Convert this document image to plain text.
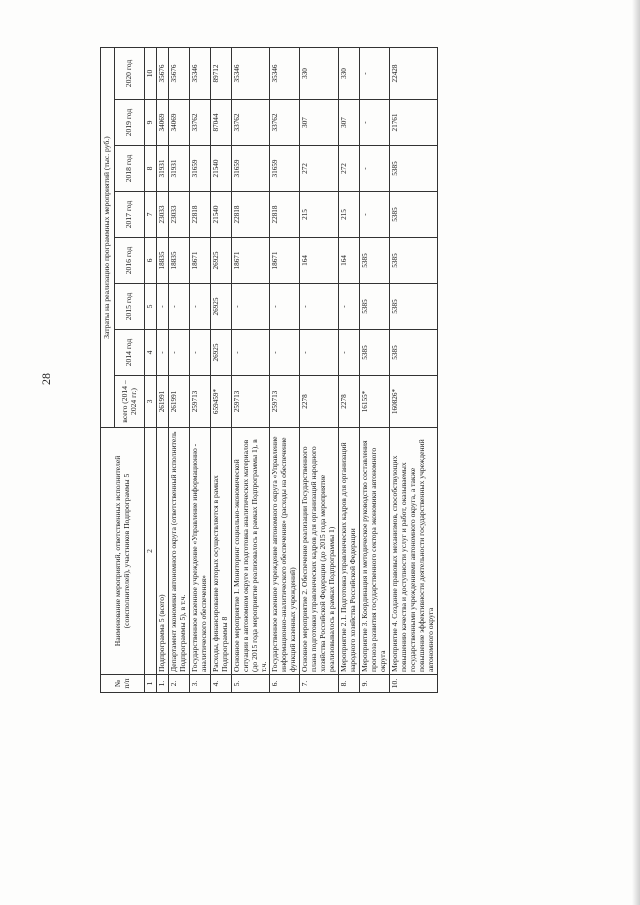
28
№ п/п	Наименование мероприятий, ответственных исполнителей (соисполнителей), участников Подпрограммы 5	Затраты на реализацию программных мероприятий (тыс. руб.)							
		всего (2014 – 2024 гг.)	2014 год	2015 год	2016 год	2017 год	2018 год	2019 год	2020 год
1	2	3	4	5	6	7	8	9	10
1.	Подпрограмма 5 (всего)	261991	-	-	18835	23033	31931	34069	35676
2.	Департамент экономики автономного округа (ответственный исполнитель Подпрограммы 5), в т.ч.	261991	-	-	18835	23033	31931	34069	35676
3.	Государственное казенное учреждение «Управление информационно - аналитического обеспечения»	259713	-	-	18671	22818	31659	33762	35346
4.	Расходы, финансирование которых осуществляется в рамках Подпрограммы 8	659459*	26925	26925	26925	21540	21540	87044	89712
5.	Основное мероприятие 1. Мониторинг социально-экономической ситуации в автономном округе и подготовка аналитических материалов (до 2015 года мероприятие реализовалось в рамках Подпрограммы 1), в т.ч.	259713	-	-	18671	22818	31659	33762	35346
6.	Государственное казенное учреждение автономного округа «Управление информационно-аналитического обеспечения» (расходы на обеспечение функций казенных учреждений)	259713	-	-	18671	22818	31659	33762	35346
7.	Основное мероприятие 2. Обеспечение реализации Государственного плана подготовки управленческих кадров для организаций народного хозяйства Российской Федерации (до 2015 года мероприятие реализовывалось в рамках Подпрограммы 1)	2278	-	-	164	215	272	307	330
8.	Мероприятие 2.1. Подготовка управленческих кадров для организаций народного хозяйства Российской Федерации	2278	-	-	164	215	272	307	330
9.	Мероприятие 3. Координация и методическое руководство составления прогноза развития государственного сектора экономики автономного округа	16155*	5385	5385	5385	-	-	-	-
10.	Мероприятие 4. Создание правовых механизмов, способствующих повышению качества и доступности услуг и работ, оказываемых государственными учреждениями автономного округа, а также повышение эффективности деятельности государственных учреждений автономного округа	160826*	5385	5385	5385	5385	5385	21761	22428
